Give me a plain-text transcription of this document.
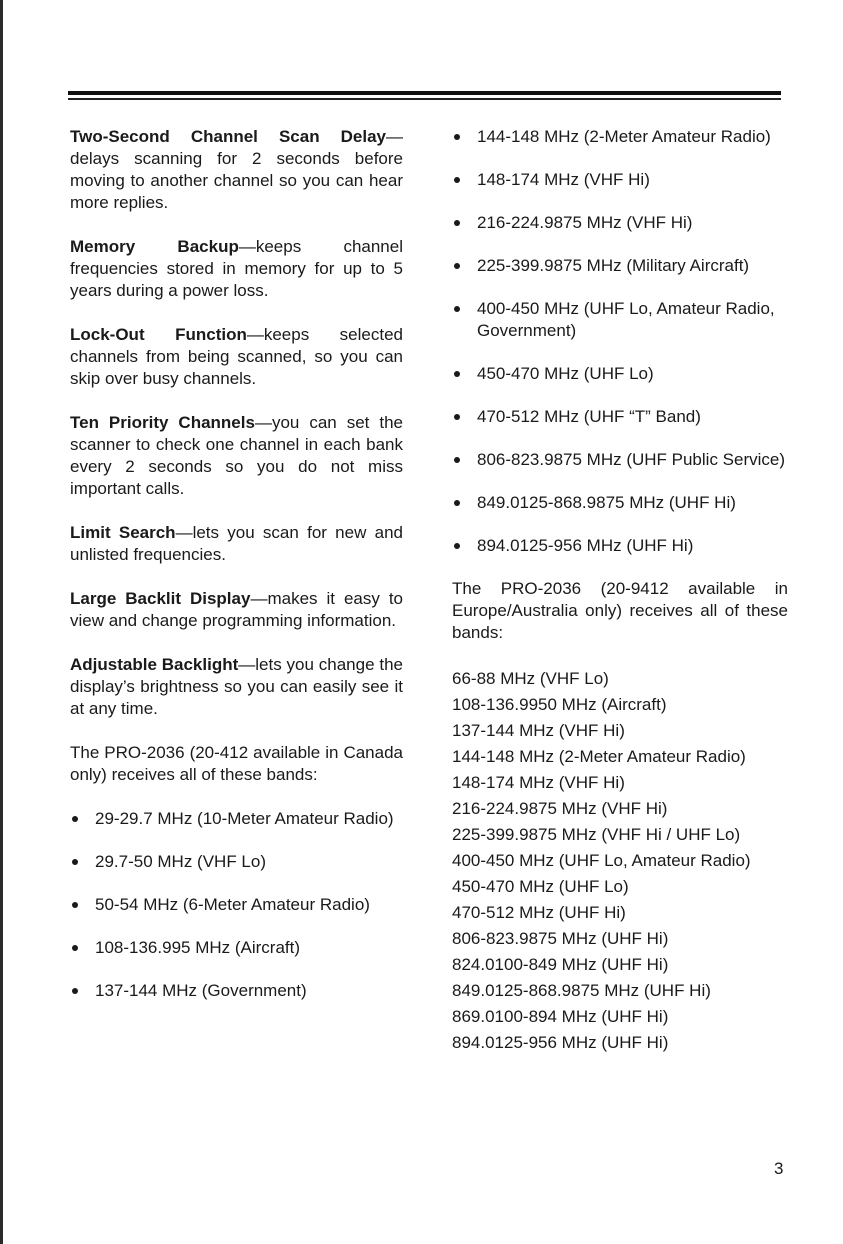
Two-Second Channel Scan Delay—delays scanning for 2 seconds before moving to another channel so you can hear more replies.

Memory Backup—keeps channel frequencies stored in memory for up to 5 years during a power loss.

Lock-Out Function—keeps selected channels from being scanned, so you can skip over busy channels.

Ten Priority Channels—you can set the scanner to check one channel in each bank every 2 seconds so you do not miss important calls.

Limit Search—lets you scan for new and unlisted frequencies.

Large Backlit Display—makes it easy to view and change programming information.

Adjustable Backlight—lets you change the display’s brightness so you can easily see it at any time.

The PRO-2036 (20-412 available in Canada only) receives all of these bands:

29-29.7 MHz (10-Meter Amateur Radio)
29.7-50 MHz (VHF Lo)
50-54 MHz (6-Meter Amateur Radio)
108-136.995 MHz (Aircraft)
137-144 MHz (Government)
144-148 MHz (2-Meter Amateur Radio)
148-174 MHz (VHF Hi)
216-224.9875 MHz (VHF Hi)
225-399.9875 MHz (Military Aircraft)
400-450 MHz (UHF Lo, Amateur Radio, Government)
450-470 MHz (UHF Lo)
470-512 MHz (UHF “T” Band)
806-823.9875 MHz (UHF Public Service)
849.0125-868.9875 MHz (UHF Hi)
894.0125-956 MHz (UHF Hi)

The PRO-2036 (20-9412 available in Europe/Australia only) receives all of these bands:

66-88 MHz (VHF Lo)
108-136.9950 MHz (Aircraft)
137-144 MHz (VHF Hi)
144-148 MHz (2-Meter Amateur Radio)
148-174 MHz (VHF Hi)
216-224.9875 MHz (VHF Hi)
225-399.9875 MHz (VHF Hi / UHF Lo)
400-450 MHz (UHF Lo, Amateur Radio)
450-470 MHz (UHF Lo)
470-512 MHz (UHF Hi)
806-823.9875 MHz (UHF Hi)
824.0100-849 MHz (UHF Hi)
849.0125-868.9875 MHz (UHF Hi)
869.0100-894 MHz (UHF Hi)
894.0125-956 MHz (UHF Hi)
3
